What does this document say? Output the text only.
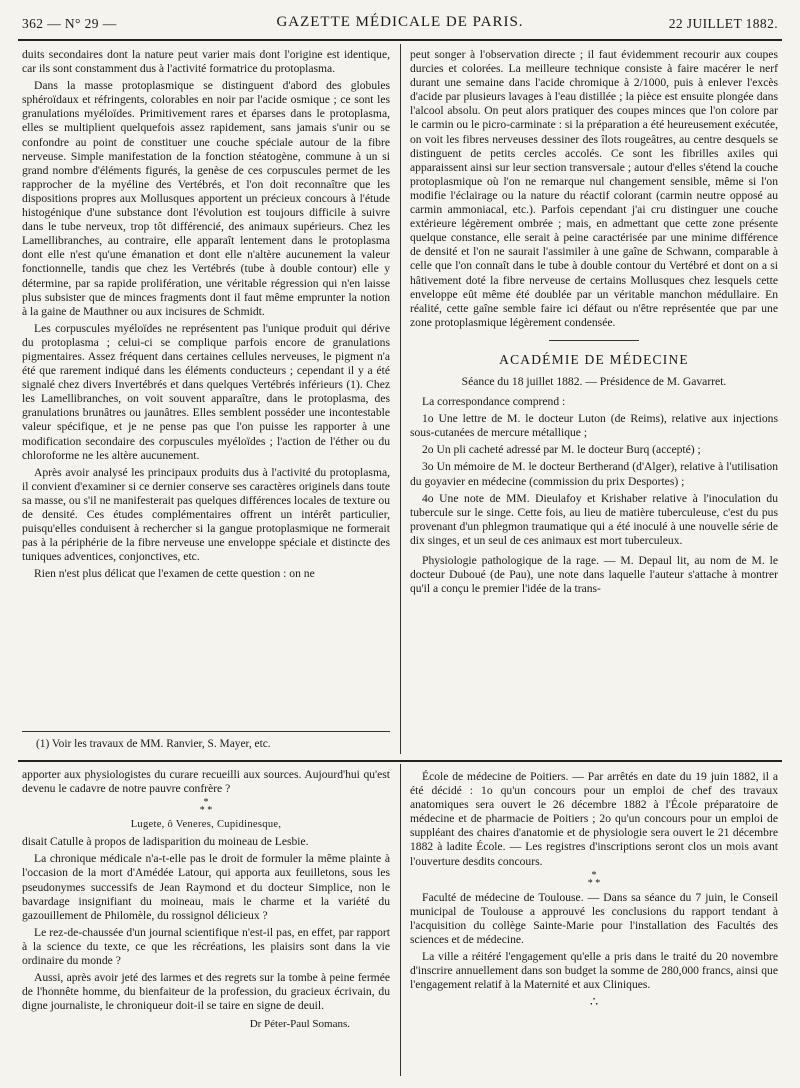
362 — N° 29 —	GAZETTE MÉDICALE DE PARIS.	22 JUILLET 1882.

duits secondaires dont la nature peut varier mais dont l'origine est identique, car ils sont constamment dus à l'activité formatrice du protoplasma.

Dans la masse protoplasmique se distinguent d'abord des globules sphéroïdaux et réfringents, colorables en noir par l'acide osmique ; ce sont les granulations myéloïdes. Primitivement rares et éparses dans le protoplasma, elles se multiplient quelquefois assez rapidement, sans jamais s'unir ou se confondre au point de constituer une couche spéciale autour de la fibre nerveuse. Simple manifestation de la fonction stéatogène, commune à un si grand nombre d'éléments figurés, la genèse de ces corpuscules permet de les rapprocher de la myéline des Vertébrés, et l'on doit reconnaître que les dispositions propres aux Mollusques apportent un précieux concours à l'étude histogénique d'une substance dont l'évolution est toujours difficile à suivre dans le tube nerveux, trop tôt différencié, des animaux supérieurs. Chez les Lamellibranches, au contraire, elle apparaît lentement dans le protoplasma dont elle n'est qu'une émanation et dont elle n'altère aucunement la valeur fonctionnelle, tandis que chez les Vertébrés (tube à double contour) elle y détermine, par sa rapide prolifération, une véritable régression qui n'en laisse plus subsister que de minces fragments dont il faut même emprunter la notion à la gaine de Mauthner ou aux incisures de Schmidt.

Les corpuscules myéloïdes ne représentent pas l'unique produit qui dérive du protoplasma ; celui-ci se complique parfois encore de granulations pigmentaires. Assez fréquent dans certaines cellules nerveuses, le pigment n'a été que rarement indiqué dans les éléments conducteurs ; cependant il y a été signalé chez divers Invertébrés et dans quelques Vertébrés inférieurs (1). Chez les Lamellibranches, on voit souvent apparaître, dans le protoplasma, des granulations brunâtres ou jaunâtres. Elles semblent posséder une incontestable valeur spécifique, et je ne pense pas que l'on puisse les rapporter à une modification secondaire des corpuscules myéloïdes ; l'action de l'éther ou du chloroforme ne les altère aucunement.

Après avoir analysé les principaux produits dus à l'activité du protoplasma, il convient d'examiner si ce dernier conserve ses caractères originels dans toute sa masse, ou s'il ne manifesterait pas quelques différences locales de texture ou de densité. Ces études complémentaires offrent un intérêt particulier, puisqu'elles conduisent à rechercher si la gangue protoplasmique ne formerait pas à la périphérie de la fibre nerveuse une enveloppe spéciale et distincte des tuniques adventices, conjonctives, etc.

Rien n'est plus délicat que l'examen de cette question : on ne

(1) Voir les travaux de MM. Ranvier, S. Mayer, etc.

peut songer à l'observation directe ; il faut évidemment recourir aux coupes durcies et colorées. La meilleure technique consiste à faire macérer le nerf durant une semaine dans l'acide chromique à 2/1000, puis à enlever l'excès d'acide par plusieurs lavages à l'eau distillée ; la pièce est ensuite plongée dans l'alcool absolu. On peut alors pratiquer des coupes minces que l'on colore par le carmin ou le picro-carminate : si la préparation a été heureusement exécutée, on voit les fibres nerveuses dessiner des îlots rougeâtres, au centre desquels se distinguent de petits cercles accolés. Ce sont les fibrilles axiles qui apparaissent ainsi sur leur section transversale ; autour d'elles s'étend la couche protoplasmique où l'on ne remarque nul changement sensible, même si l'on modifie l'éclairage ou la nature du réactif colorant (carmin neutre opposé au carmin ammoniacal, etc.). Parfois cependant j'ai cru distinguer une couche extérieure légèrement ombrée ; mais, en admettant que cette zone présente quelque constance, elle serait à peine caractérisée par une minime différence de densité et l'on ne saurait l'assimiler à une gaîne de Schwann, comparable à celle que l'on connaît dans le tube à double contour du Vertébré et dont on a si hâtivement doté la fibre nerveuse de certains Mollusques chez lesquels cette enveloppe eût même été doublée par un véritable manchon médullaire. En réalité, cette gaîne semble faire ici défaut ou n'être représentée que par une zone protoplasmique légèrement condensée.

ACADÉMIE DE MÉDECINE

Séance du 18 juillet 1882. — Présidence de M. Gavarret.

La correspondance comprend :

1o Une lettre de M. le docteur Luton (de Reims), relative aux injections sous-cutanées de mercure métallique ;

2o Un pli cacheté adressé par M. le docteur Burq (accepté) ;

3o Un mémoire de M. le docteur Bertherand (d'Alger), relative à l'utilisation du goyavier en médecine (commission du prix Desportes) ;

4o Une note de MM. Dieulafoy et Krishaber relative à l'inoculation du tubercule sur le singe. Cette fois, au lieu de matière tuberculeuse, c'est du pus provenant d'un phlegmon traumatique qui a été inoculé à une nouvelle série de dix singes, et un seul de ces animaux est mort tuberculeux.

Physiologie pathologique de la rage. — M. Depaul lit, au nom de M. le docteur Duboué (de Pau), une note dans laquelle l'auteur s'attache à montrer qu'il a conçu le premier l'idée de la trans-

apporter aux physiologistes du curare recueilli aux sources. Aujourd'hui qu'est devenu le cadavre de notre pauvre confrère ?

*
* *
Lugete, ô Veneres, Cupidinesque,

disait Catulle à propos de ladisparition du moineau de Lesbie.

La chronique médicale n'a-t-elle pas le droit de formuler la même plainte à l'occasion de la mort d'Amédée Latour, qui apporta aux feuilletons, sous les pseudonymes successifs de Jean Raymond et du docteur Simplice, non le bavardage insignifiant du moineau, mais le charme et la variété du gazouillement de Philomèle, du rossignol délicieux ?

Le rez-de-chaussée d'un journal scientifique n'est-il pas, en effet, par rapport à la science du texte, ce que les récréations, les plaisirs sont dans la vie ordinaire du monde ?

Aussi, après avoir jeté des larmes et des regrets sur la tombe à peine fermée de l'honnête homme, du bienfaiteur de la profession, du gracieux écrivain, du digne journaliste, le chroniqueur doit-il se taire en signe de deuil.

Dr Péter-Paul Somans.

École de médecine de Poitiers. — Par arrêtés en date du 19 juin 1882, il a été décidé : 1o qu'un concours pour un emploi de chef des travaux anatomiques sera ouvert le 26 décembre 1882 à l'École préparatoire de médecine et de pharmacie de Poitiers ; 2o qu'un concours pour un emploi de suppléant des chaires d'anatomie et de physiologie sera ouvert le 21 décembre 1882 à ladite École. — Les registres d'inscriptions seront clos un mois avant l'ouverture desdits concours.

*
* *

Faculté de médecine de Toulouse. — Dans sa séance du 7 juin, le Conseil municipal de Toulouse a approuvé les conclusions du rapport tendant à l'acquisition du collège Sainte-Marie pour l'installation des Facultés des sciences et de médecine.

La ville a réitéré l'engagement qu'elle a pris dans le traité du 20 novembre d'inscrire annuellement dans son budget la somme de 280,000 francs, ainsi que l'engagement relatif à la Maternité et aux Cliniques.

∴
